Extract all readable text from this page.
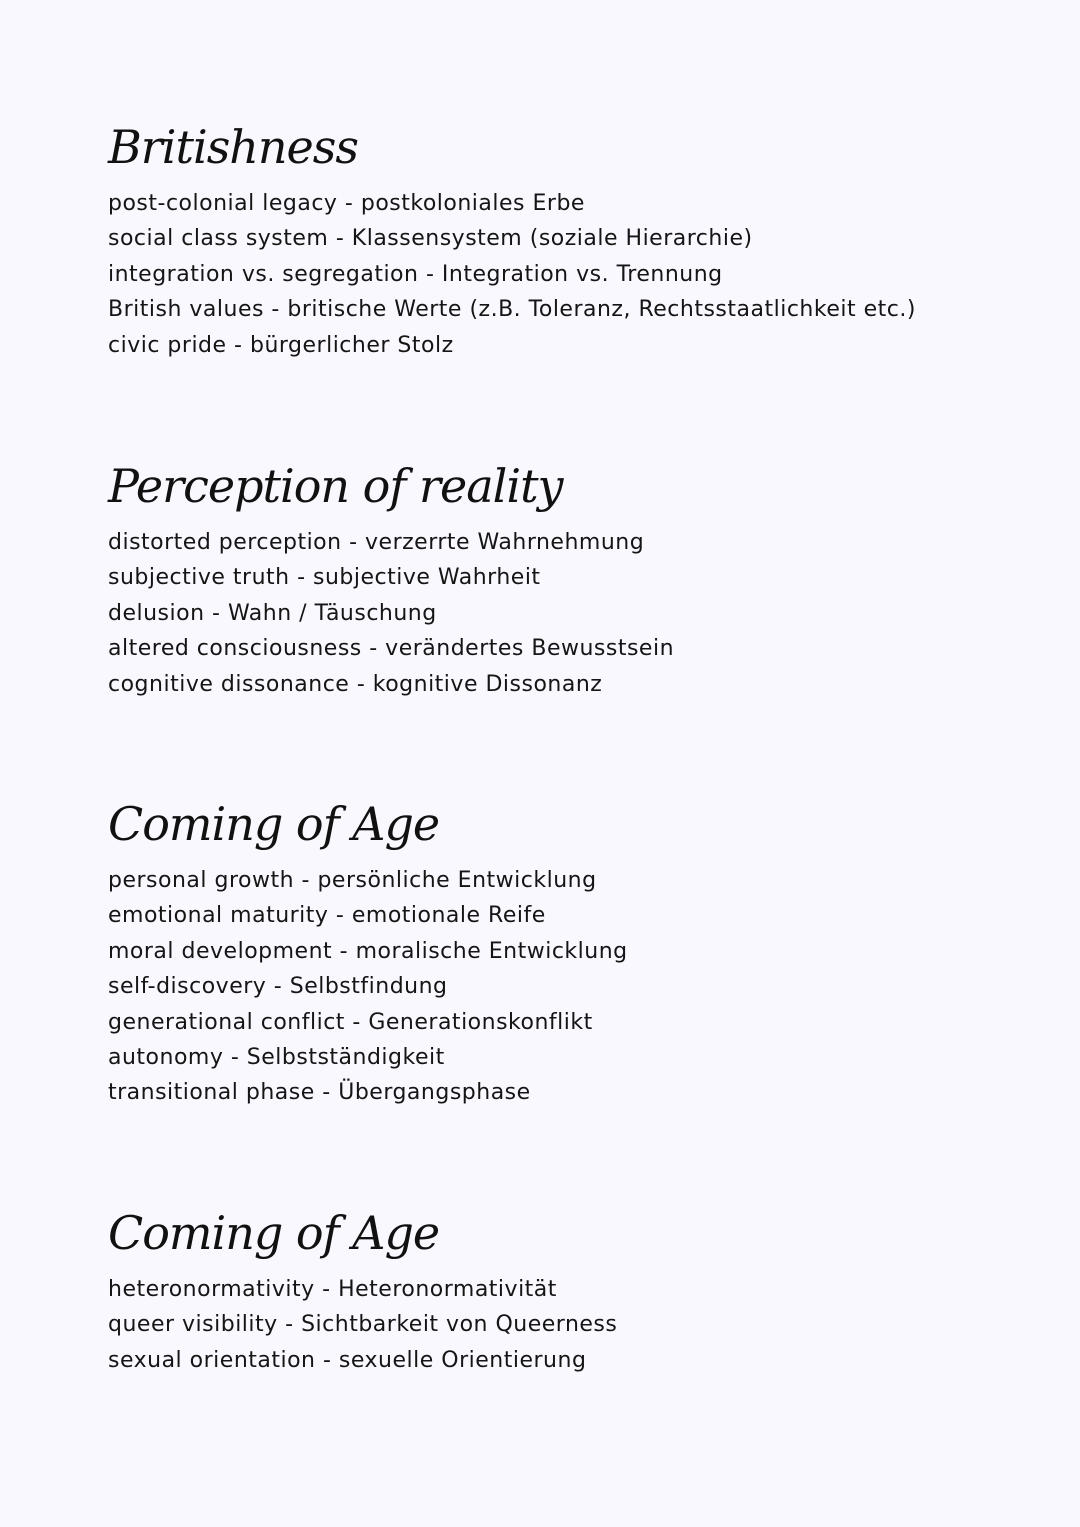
Britishness
post-colonial legacy - postkoloniales Erbe
social class system - Klassensystem (soziale Hierarchie)
integration vs. segregation - Integration vs. Trennung
British values - britische Werte (z.B. Toleranz, Rechtsstaatlichkeit etc.)
civic pride - bürgerlicher Stolz
Perception of reality
distorted perception - verzerrte Wahrnehmung
subjective truth - subjective Wahrheit
delusion - Wahn / Täuschung
altered consciousness - verändertes Bewusstsein
cognitive dissonance - kognitive Dissonanz
Coming of Age
personal growth - persönliche Entwicklung
emotional maturity - emotionale Reife
moral development - moralische Entwicklung
self-discovery - Selbstfindung
generational conflict - Generationskonflikt
autonomy - Selbstständigkeit
transitional phase - Übergangsphase
Coming of Age
heteronormativity - Heteronormativität
queer visibility - Sichtbarkeit von Queerness
sexual orientation - sexuelle Orientierung
